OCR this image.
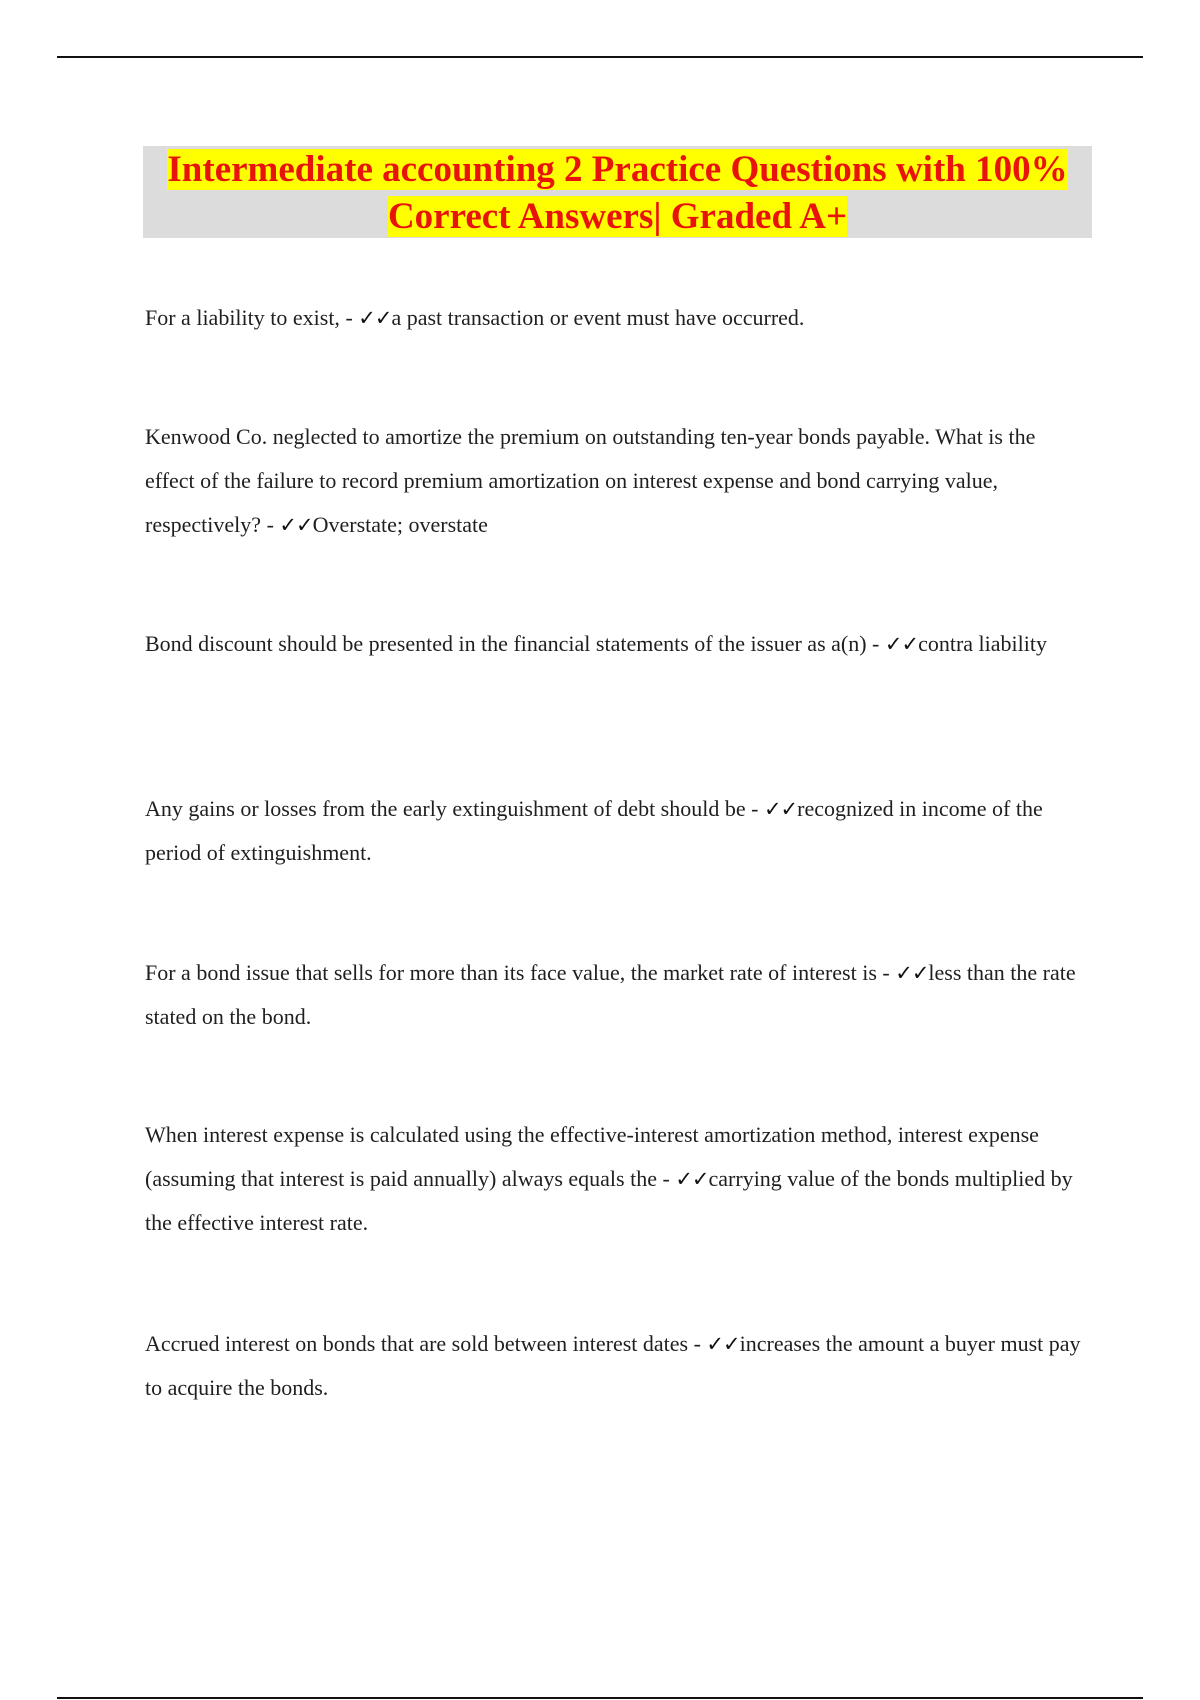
Intermediate accounting 2 Practice Questions with 100% Correct Answers| Graded A+
For a liability to exist, - ✓✓a past transaction or event must have occurred.
Kenwood Co. neglected to amortize the premium on outstanding ten-year bonds payable. What is the effect of the failure to record premium amortization on interest expense and bond carrying value, respectively? - ✓✓Overstate; overstate
Bond discount should be presented in the financial statements of the issuer as a(n) - ✓✓contra liability
Any gains or losses from the early extinguishment of debt should be - ✓✓recognized in income of the period of extinguishment.
For a bond issue that sells for more than its face value, the market rate of interest is - ✓✓less than the rate stated on the bond.
When interest expense is calculated using the effective-interest amortization method, interest expense (assuming that interest is paid annually) always equals the - ✓✓carrying value of the bonds multiplied by the effective interest rate.
Accrued interest on bonds that are sold between interest dates - ✓✓increases the amount a buyer must pay to acquire the bonds.
